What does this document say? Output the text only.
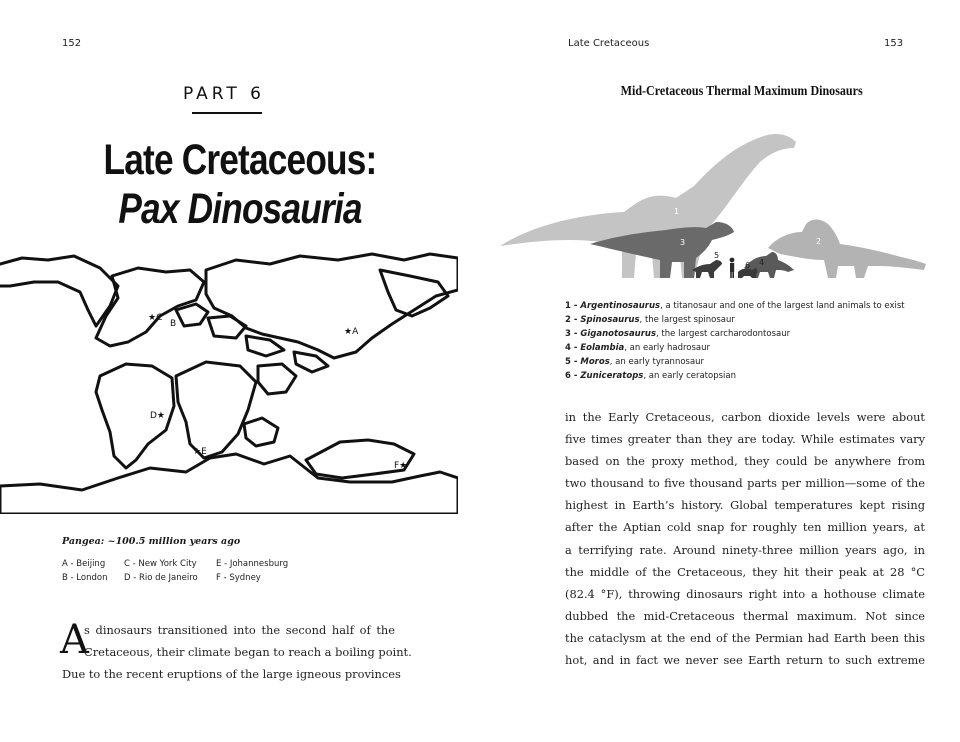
152
PART 6
Late Cretaceous:
Pax Dinosauria
★C
B
★A
D★
★E
F★
Pangea: ~100.5 million years ago
A - Beijing	C - New York City	E - Johannesburg
B - London	D - Rio de Janeiro	F - Sydney
A
s dinosaurs transitioned into the second half of the
Cretaceous, their climate began to reach a boiling point.
Due to the recent eruptions of the large igneous provinces
Late Cretaceous	153
Mid-Cretaceous Thermal Maximum Dinosaurs
1
2
3
4
5
6
1 - Argentinosaurus, a titanosaur and one of the largest land animals to exist
2 - Spinosaurus, the largest spinosaur
3 - Giganotosaurus, the largest carcharodontosaur
4 - Eolambia, an early hadrosaur
5 - Moros, an early tyrannosaur
6 - Zuniceratops, an early ceratopsian
in the Early Cretaceous, carbon dioxide levels were about
five times greater than they are today. While estimates vary
based on the proxy method, they could be anywhere from
two thousand to five thousand parts per million—some of the
highest in Earth’s history. Global temperatures kept rising
after the Aptian cold snap for roughly ten million years, at
a terrifying rate. Around ninety-three million years ago, in
the middle of the Cretaceous, they hit their peak at 28 °C
(82.4 °F), throwing dinosaurs right into a hothouse climate
dubbed the mid-Cretaceous thermal maximum. Not since
the cataclysm at the end of the Permian had Earth been this
hot, and in fact we never see Earth return to such extreme
